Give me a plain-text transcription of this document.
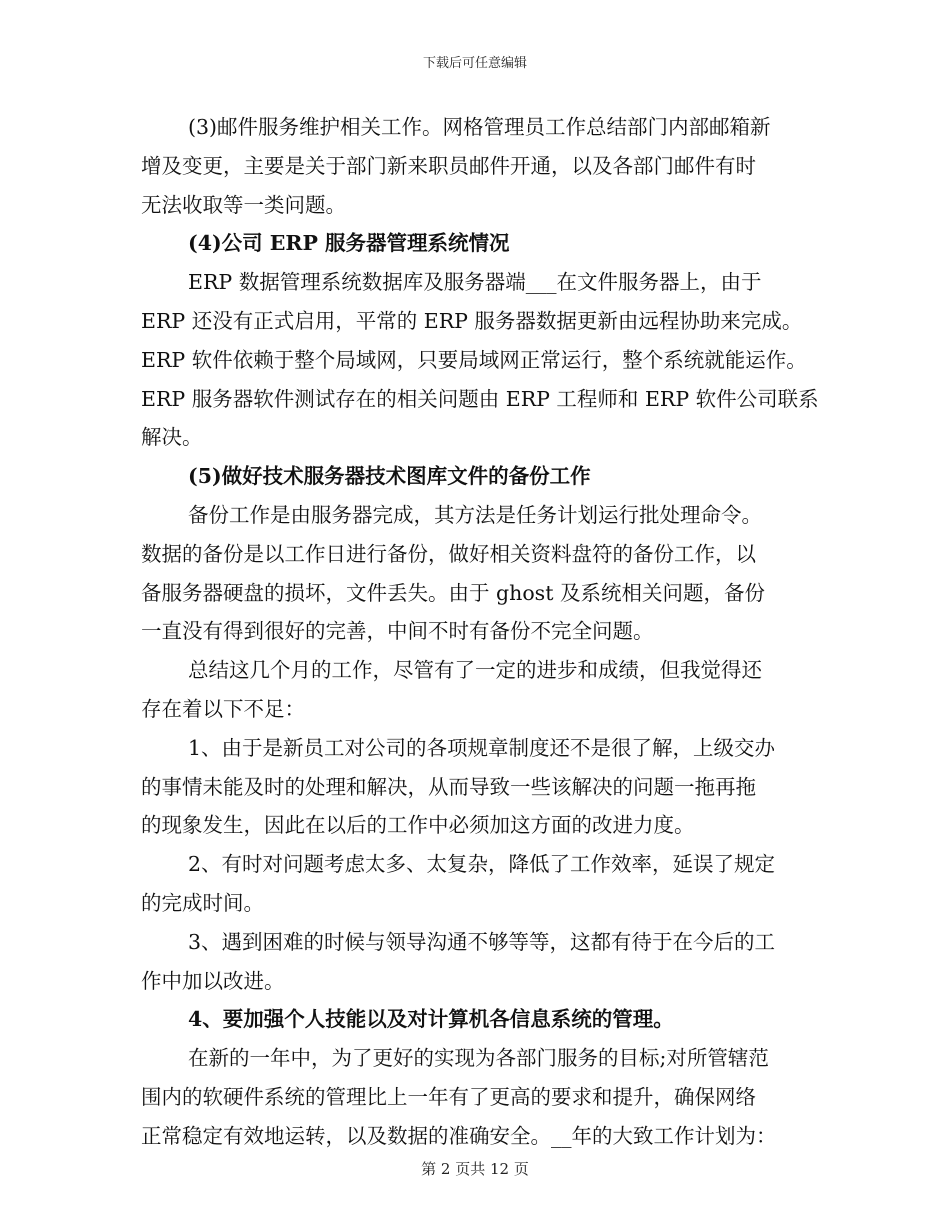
下载后可任意编辑
(3)邮件服务维护相关工作。网格管理员工作总结部门内部邮箱新
增及变更，主要是关于部门新来职员邮件开通，以及各部门邮件有时
无法收取等一类问题。
(4)公司 ERP 服务器管理系统情况
ERP 数据管理系统数据库及服务器端___在文件服务器上，由于
ERP 还没有正式启用，平常的 ERP 服务器数据更新由远程协助来完成。
ERP 软件依赖于整个局域网，只要局域网正常运行，整个系统就能运作。
ERP 服务器软件测试存在的相关问题由 ERP 工程师和 ERP 软件公司联系
解决。
(5)做好技术服务器技术图库文件的备份工作
备份工作是由服务器完成，其方法是任务计划运行批处理命令。
数据的备份是以工作日进行备份，做好相关资料盘符的备份工作，以
备服务器硬盘的损坏，文件丢失。由于 ghost 及系统相关问题，备份
一直没有得到很好的完善，中间不时有备份不完全问题。
总结这几个月的工作，尽管有了一定的进步和成绩，但我觉得还
存在着以下不足：
1、由于是新员工对公司的各项规章制度还不是很了解，上级交办
的事情未能及时的处理和解决，从而导致一些该解决的问题一拖再拖
的现象发生，因此在以后的工作中必须加这方面的改进力度。
2、有时对问题考虑太多、太复杂，降低了工作效率，延误了规定
的完成时间。
3、遇到困难的时候与领导沟通不够等等，这都有待于在今后的工
作中加以改进。
4、要加强个人技能以及对计算机各信息系统的管理。
在新的一年中，为了更好的实现为各部门服务的目标;对所管辖范
围内的软硬件系统的管理比上一年有了更高的要求和提升，确保网络
正常稳定有效地运转，以及数据的准确安全。__年的大致工作计划为：
第 2 页共 12 页
